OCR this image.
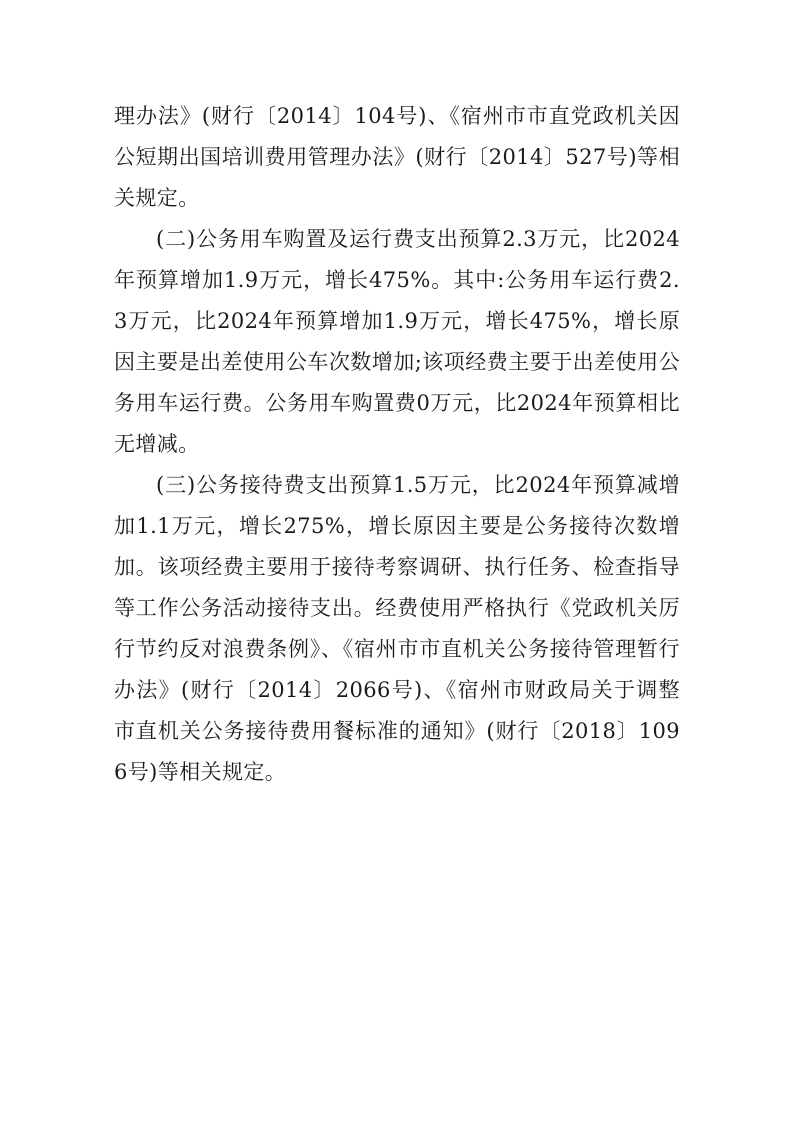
理办法》(财行〔2014〕104号)、《宿州市市直党政机关因公短期出国培训费用管理办法》(财行〔2014〕527号)等相关规定。

(二)公务用车购置及运行费支出预算2.3万元，比2024年预算增加1.9万元，增长475%。其中:公务用车运行费2.3万元，比2024年预算增加1.9万元，增长475%，增长原因主要是出差使用公车次数增加;该项经费主要于出差使用公务用车运行费。公务用车购置费0万元，比2024年预算相比无增减。

(三)公务接待费支出预算1.5万元，比2024年预算减增加1.1万元，增长275%，增长原因主要是公务接待次数增加。该项经费主要用于接待考察调研、执行任务、检查指导等工作公务活动接待支出。经费使用严格执行《党政机关厉行节约反对浪费条例》、《宿州市市直机关公务接待管理暂行办法》(财行〔2014〕2066号)、《宿州市财政局关于调整市直机关公务接待费用餐标准的通知》(财行〔2018〕1096号)等相关规定。
